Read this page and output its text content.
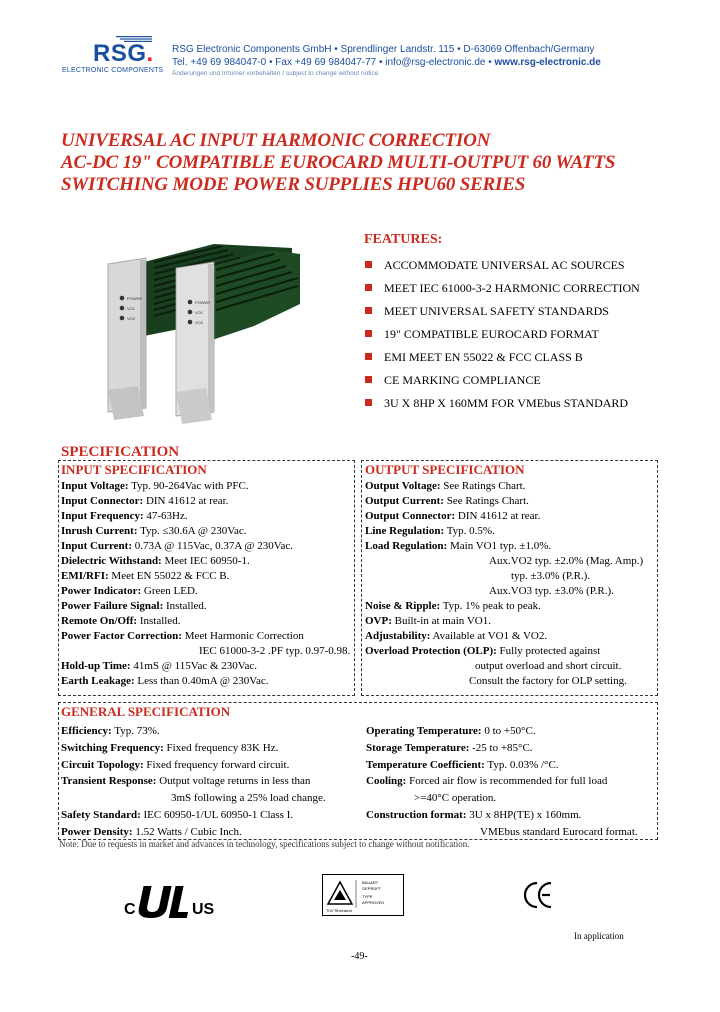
RSG.
ELECTRONIC COMPONENTS
RSG Electronic Components GmbH • Sprendlinger Landstr. 115 • D-63069 Offenbach/Germany
Tel. +49 69 984047-0 • Fax +49 69 984047-77 • info@rsg-electronic.de • www.rsg-electronic.de
Änderungen und Irrtümer vorbehalten / subject to change without notice
UNIVERSAL AC INPUT HARMONIC CORRECTION
AC-DC 19" COMPATIBLE EUROCARD MULTI-OUTPUT 60 WATTS
SWITCHING MODE POWER SUPPLIES HPU60 SERIES
POWER
VO1
VO2
POWER
VO1
VO2
FEATURES:
ACCOMMODATE UNIVERSAL AC SOURCES
MEET IEC 61000-3-2 HARMONIC CORRECTION
MEET UNIVERSAL SAFETY STANDARDS
19" COMPATIBLE EUROCARD FORMAT
EMI MEET EN 55022 & FCC CLASS B
CE MARKING COMPLIANCE
3U X 8HP X 160MM FOR VMEbus STANDARD
SPECIFICATION
INPUT SPECIFICATION
Input Voltage: Typ. 90-264Vac with PFC.
Input Connector: DIN 41612 at rear.
Input Frequency: 47-63Hz.
Inrush Current: Typ. ≤30.6A @ 230Vac.
Input Current: 0.73A @ 115Vac, 0.37A @ 230Vac.
Dielectric Withstand: Meet IEC 60950-1.
EMI/RFI: Meet EN 55022 & FCC B.
Power Indicator: Green LED.
Power Failure Signal: Installed.
Remote On/Off: Installed.
Power Factor Correction: Meet Harmonic Correction
IEC 61000-3-2 .PF typ. 0.97-0.98.
Hold-up Time: 41mS @ 115Vac & 230Vac.
Earth Leakage: Less than 0.40mA @ 230Vac.
OUTPUT SPECIFICATION
Output Voltage: See Ratings Chart.
Output Current: See Ratings Chart.
Output Connector: DIN 41612 at rear.
Line Regulation: Typ. 0.5%.
Load Regulation: Main VO1 typ. ±1.0%.
Aux.VO2 typ. ±2.0% (Mag. Amp.)
typ. ±3.0% (P.R.).
Aux.VO3 typ. ±3.0% (P.R.).
Noise & Ripple: Typ. 1% peak to peak.
OVP: Built-in at main VO1.
Adjustability: Available at VO1 & VO2.
Overload Protection (OLP): Fully protected against
output overload and short circuit.
Consult the factory for OLP setting.
GENERAL SPECIFICATION
Efficiency: Typ. 73%.
Switching Frequency: Fixed frequency 83K Hz.
Circuit Topology: Fixed frequency forward circuit.
Transient Response: Output voltage returns in less than
3mS following a 25% load change.
Safety Standard: IEC 60950-1/UL 60950-1 Class I.
Power Density: 1.52 Watts / Cubic Inch.
Operating Temperature: 0 to +50°C.
Storage Temperature: -25 to +85°C.
Temperature Coefficient: Typ. 0.03% /°C.
Cooling: Forced air flow is recommended for full load
>=40°C operation.
Construction format: 3U x 8HP(TE) x 160mm.
VMEbus standard Eurocard format.
Note: Due to requests in market and advances in technology, specifications subject to change without notification.
C	US
BAUART
GEPRÜFT
TYPE
APPROVED
TÜV Rheinland
In application
-49-
